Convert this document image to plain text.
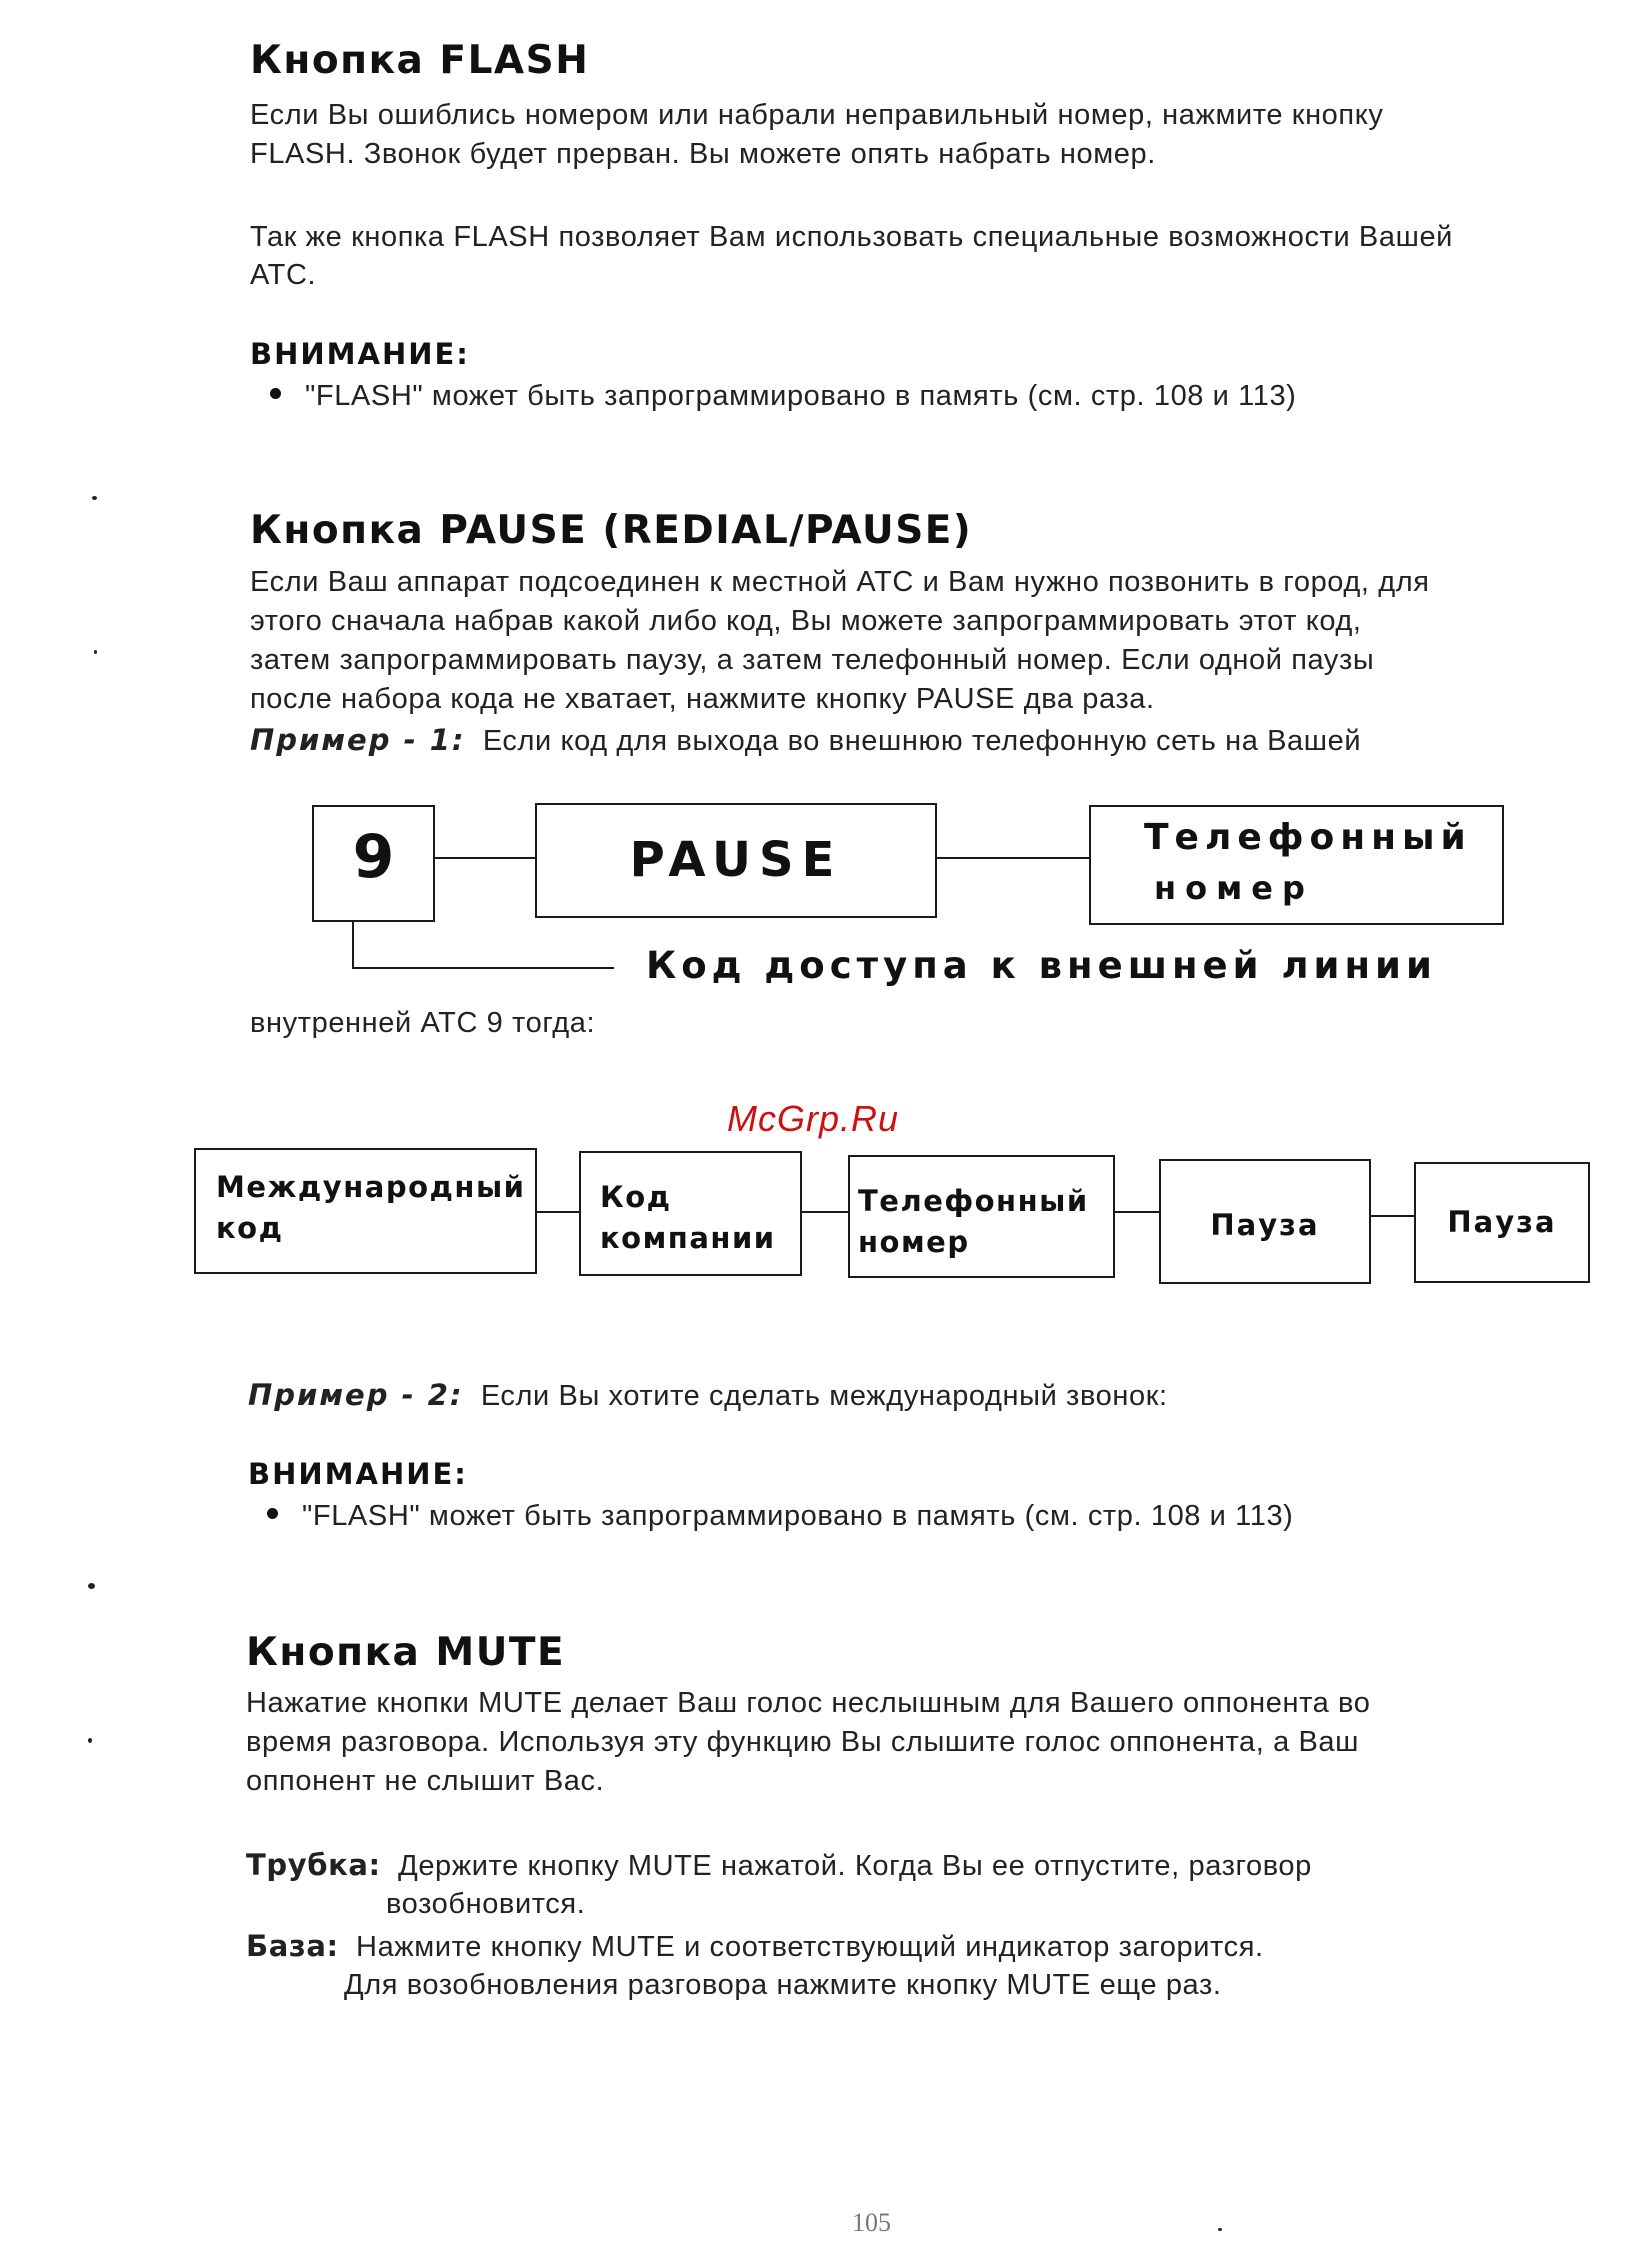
Кнопка FLASH
Если Вы ошиблись номером или набрали неправильный номер, нажмите кнопку
FLASH. Звонок будет прерван. Вы можете опять набрать номер.
Так же кнопка FLASH позволяет Вам использовать специальные возможности Вашей
АТС.
ВНИМАНИЕ:
"FLASH" может быть запрограммировано в память (см. стр. 108 и 113)
Кнопка PAUSE (REDIAL/PAUSE)
Если Ваш аппарат подсоединен к местной АТС и Вам нужно позвонить в город, для
этого сначала набрав какой либо код, Вы можете запрограммировать этот код,
затем запрограммировать паузу, а затем телефонный номер. Если одной паузы
после набора кода не хватает, нажмите кнопку PAUSE два раза.
Пример - 1: Если код для выхода во внешнюю телефонную сеть на Вашей
9	PAUSE	Телефонный
номер
Код доступа к внешней линии
внутренней АТС 9 тогда:
McGrp.Ru
Международный
код
Код
компании
Телефонный
номер	Пауза	Пауза
Пример - 2: Если Вы хотите сделать международный звонок:
ВНИМАНИЕ:
"FLASH" может быть запрограммировано в память (см. стр. 108 и 113)
Кнопка MUTE
Нажатие кнопки MUTE делает Ваш голос неслышным для Вашего оппонента во
время разговора. Используя эту функцию Вы слышите голос оппонента, а Ваш
оппонент не слышит Вас.
Трубка: Держите кнопку MUTE нажатой. Когда Вы ее отпустите, разговор
возобновится.
База: Нажмите кнопку MUTE и соответствующий индикатор загорится.
Для возобновления разговора нажмите кнопку MUTE еще раз.
105
